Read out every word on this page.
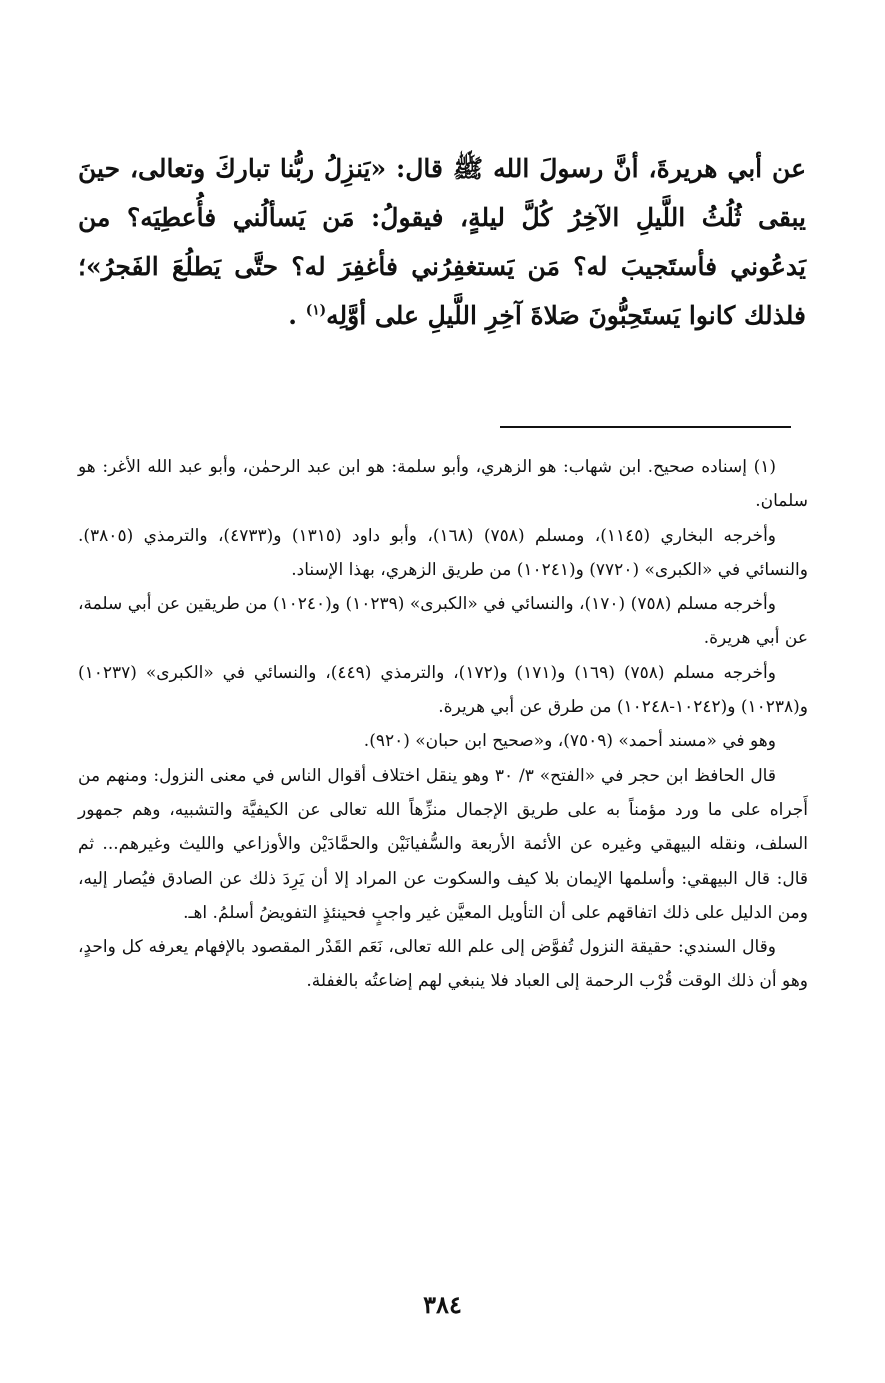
عن أبي هريرةَ، أنَّ رسولَ الله ﷺ قال: «يَنزِلُ ربُّنا تباركَ وتعالى، حينَ يبقى ثُلُثُ اللَّيلِ الآخِرُ كُلَّ ليلةٍ، فيقولُ: مَن يَسألُني فأُعطِيَه؟ من يَدعُوني فأستَجيبَ له؟ مَن يَستغفِرُني فأغفِرَ له؟ حتَّى يَطلُعَ الفَجرُ»؛ فلذلك كانوا يَستَحِبُّونَ صَلاةَ آخِرِ اللَّيلِ على أوَّلِه$^{(١)}$ .

(١) إسناده صحيح. ابن شهاب: هو الزهري، وأبو سلمة: هو ابن عبد الرحمٰن، وأبو عبد الله الأغر: هو سلمان.

وأخرجه البخاري (١١٤٥)، ومسلم (٧٥٨) (١٦٨)، وأبو داود (١٣١٥) و(٤٧٣٣)، والترمذي (٣٨٠٥). والنسائي في «الكبرى» (٧٧٢٠) و(١٠٢٤١) من طريق الزهري، بهذا الإسناد.

وأخرجه مسلم (٧٥٨) (١٧٠)، والنسائي في «الكبرى» (١٠٢٣٩) و(١٠٢٤٠) من طريقين عن أبي سلمة، عن أبي هريرة.

وأخرجه مسلم (٧٥٨) (١٦٩) و(١٧١) و(١٧٢)، والترمذي (٤٤٩)، والنسائي في «الكبرى» (١٠٢٣٧) و(١٠٢٣٨) و(١٠٢٤٢-١٠٢٤٨) من طرق عن أبي هريرة.

وهو في «مسند أحمد» (٧٥٠٩)، و«صحيح ابن حبان» (٩٢٠).

قال الحافظ ابن حجر في «الفتح» ٣/ ٣٠ وهو ينقل اختلاف أقوال الناس في معنى النزول: ومنهم من أَجراه على ما ورد مؤمناً به على طريق الإجمال منزِّهاً الله تعالى عن الكيفيَّة والتشبيه، وهم جمهور السلف، ونقله البيهقي وغيره عن الأئمة الأربعة والسُّفيانَيْن والحمَّادَيْن والأوزاعي والليث وغيرهم... ثم قال: قال البيهقي: وأسلمها الإيمان بلا كيف والسكوت عن المراد إلا أن يَرِدَ ذلك عن الصادق فيُصار إليه، ومن الدليل على ذلك اتفاقهم على أن التأويل المعيَّن غير واجبٍ فحينئذٍ التفويضُ أسلمُ. اهـ.

وقال السندي: حقيقة النزول تُفوَّض إلى علم الله تعالى، نَعَم القَدْر المقصود بالإفهام يعرفه كل واحدٍ، وهو أن ذلك الوقت قُرْب الرحمة إلى العباد فلا ينبغي لهم إضاعتُه بالغفلة.

٣٨٤
